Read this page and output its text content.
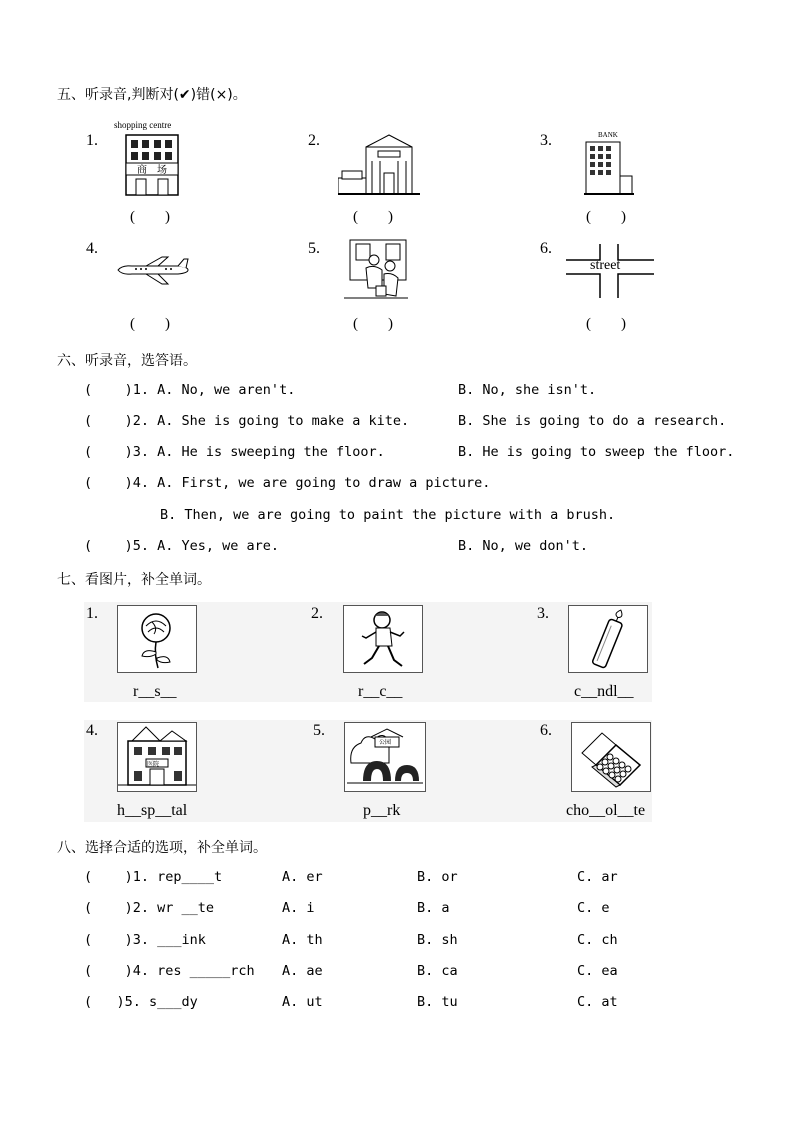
五、听录音,判断对(✔)错(×)。
1.
shopping centre
商　场
(　　)
2.
(　　)
3.	BANK
(　　)
4.
(　　)
5.
(　　)
6.
street
(　　)
六、听录音，选答语。
(    )1. A. No, we aren't.	B. No, she isn't.
(    )2. A. She is going to make a kite.	B. She is going to do a research.
(    )3. A. He is sweeping the floor.	B. He is going to sweep the floor.
(    )4. A. First, we are going to draw a picture.
B. Then, we are going to paint the picture with a brush.
(    )5. A. Yes, we are.	B. No, we don't.
七、看图片，补全单词。
1.
r__s__
2.
r__c__
3.
c__ndl__
4.
医院
h__sp__tal
5.
公园
p__rk
6.
cho__ol__te
八、选择合适的选项，补全单词。
(    )1. rep____t	A. er	B. or	C. ar
(    )2. wr __te	A. i	B. a	C. e
(    )3. ___ink	A. th	B. sh	C. ch
(    )4. res _____rch A. ae	B. ca	C. ea
(   )5. s___dy	A. ut	B. tu	C. at
